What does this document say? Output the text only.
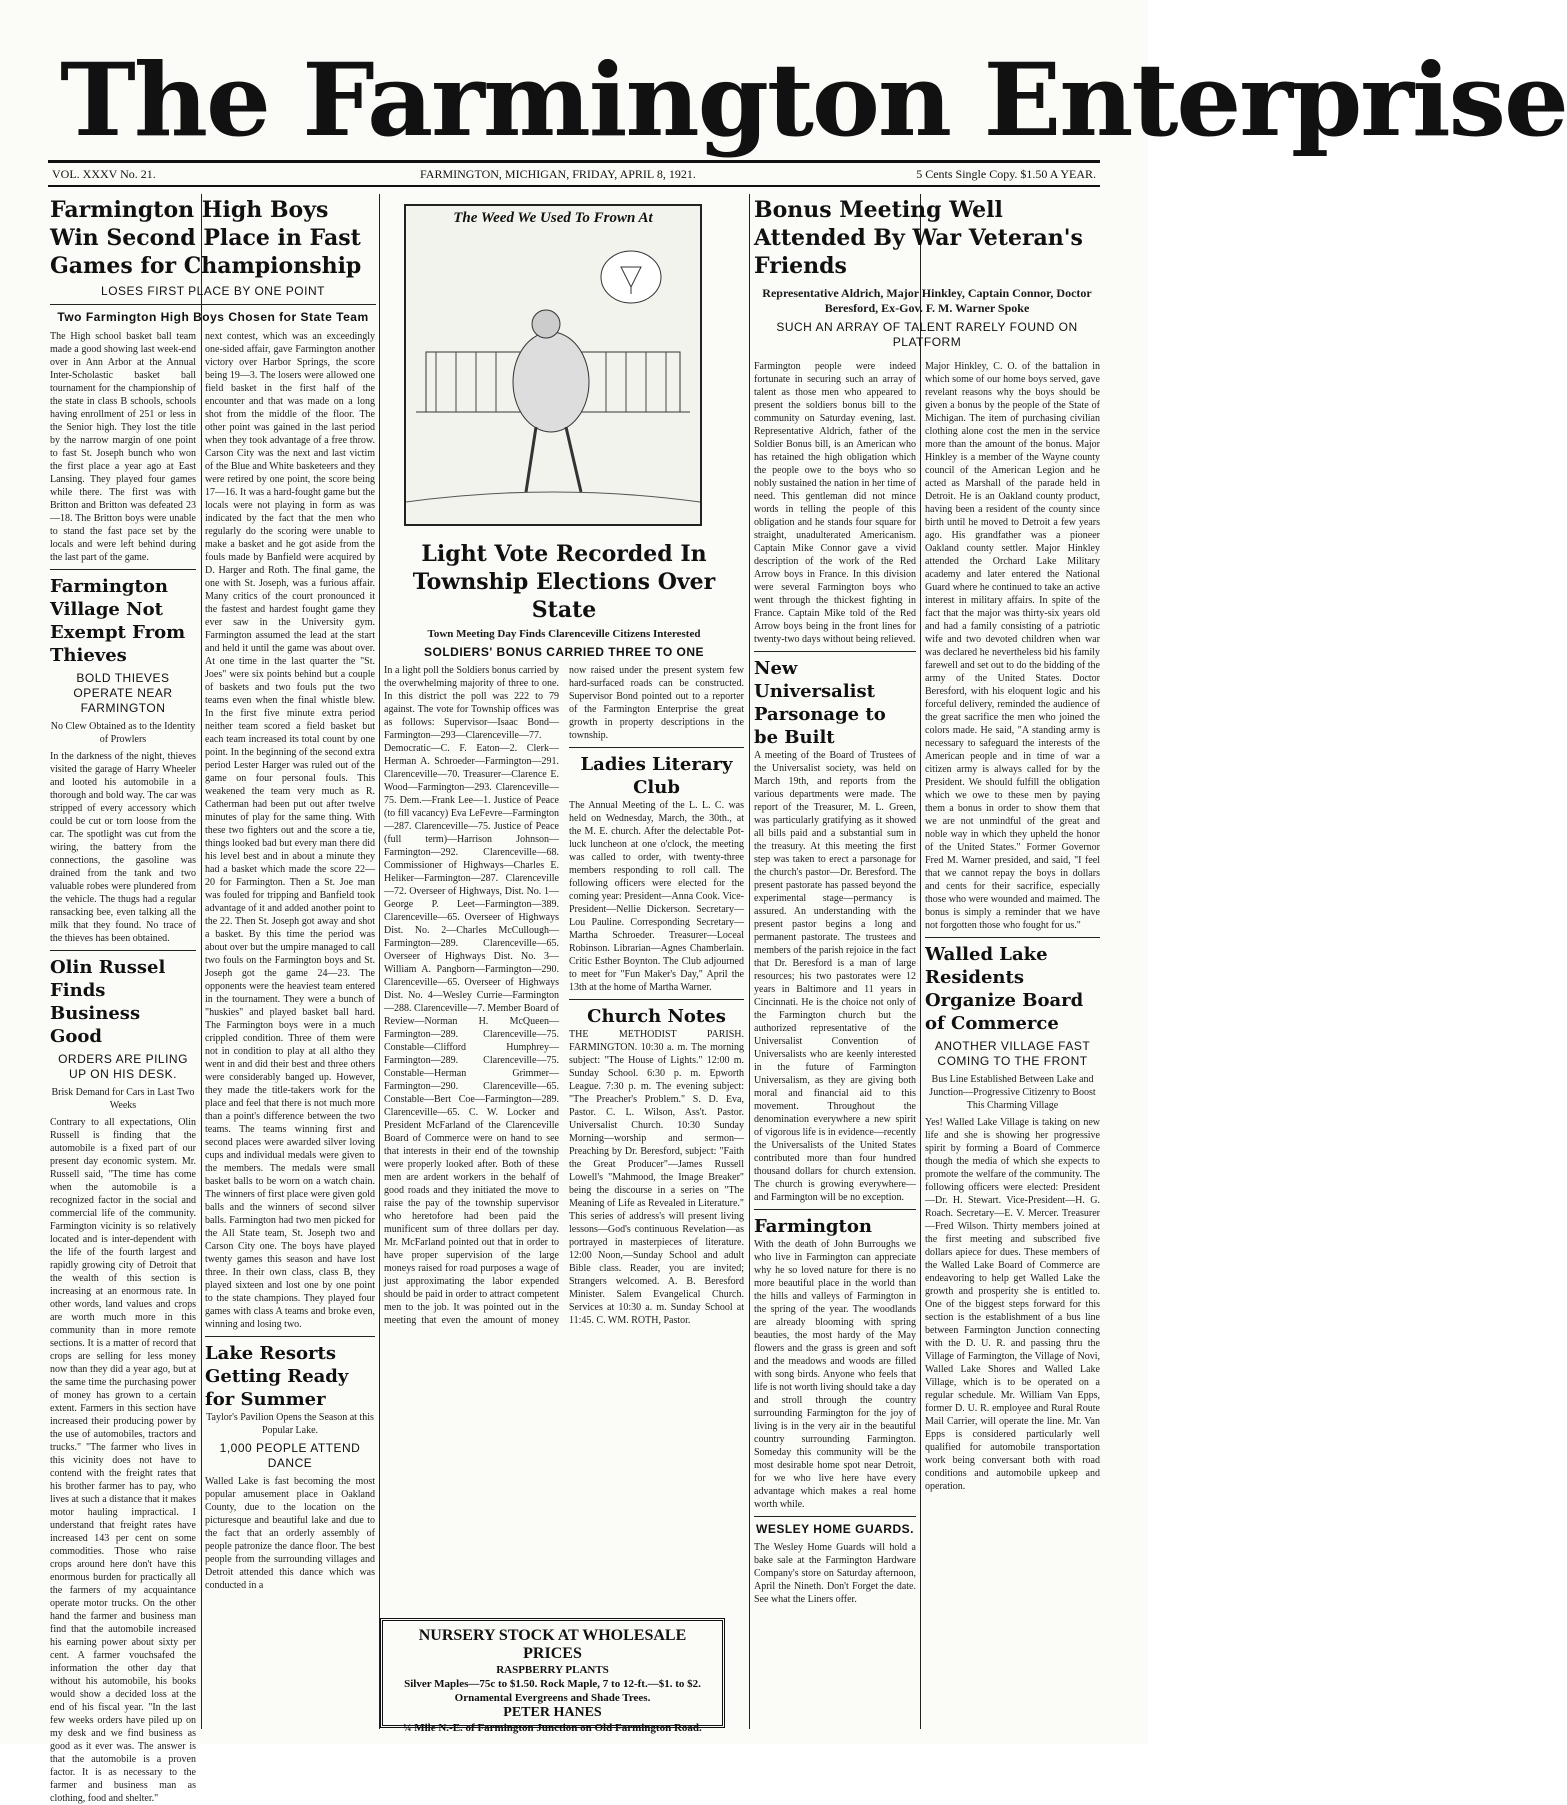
The Farmington Enterprise
VOL. XXXV No. 21.	FARMINGTON, MICHIGAN, FRIDAY, APRIL 8, 1921.	5 Cents Single Copy. $1.50 A YEAR.
Farmington High Boys Win Second Place in Fast Games for Championship
LOSES FIRST PLACE BY ONE POINT
Two Farmington High Boys Chosen for State Team
The High school basket ball team made a good showing last week-end over in Ann Arbor at the Annual Inter-Scholastic basket ball tournament for the championship of the state in class B schools, schools having enrollment of 251 or less in the Senior high. They lost the title by the narrow margin of one point to fast St. Joseph bunch who won the first place a year ago at East Lansing. They played four games while there. The first was with Britton and Britton was defeated 23—18. The Britton boys were unable to stand the fast pace set by the locals and were left behind during the last part of the game.
Farmington Village Not Exempt From Thieves
BOLD THIEVES OPERATE NEAR FARMINGTON
No Clew Obtained as to the Identity of Prowlers
In the darkness of the night, thieves visited the garage of Harry Wheeler and looted his automobile in a thorough and bold way. The car was stripped of every accessory which could be cut or torn loose from the car. The spotlight was cut from the wiring, the battery from the connections, the gasoline was drained from the tank and two valuable robes were plundered from the vehicle. The thugs had a regular ransacking bee, even talking all the milk that they found. No trace of the thieves has been obtained.
Olin Russel Finds Business Good
ORDERS ARE PILING UP ON HIS DESK.
Brisk Demand for Cars in Last Two Weeks
Contrary to all expectations, Olin Russell is finding that the automobile is a fixed part of our present day economic system. Mr. Russell said, "The time has come when the automobile is a recognized factor in the social and commercial life of the community. Farmington vicinity is so relatively located and is inter-dependent with the life of the fourth largest and rapidly growing city of Detroit that the wealth of this section is increasing at an enormous rate. In other words, land values and crops are worth much more in this community than in more remote sections. It is a matter of record that crops are selling for less money now than they did a year ago, but at the same time the purchasing power of money has grown to a certain extent. Farmers in this section have increased their producing power by the use of automobiles, tractors and trucks." "The farmer who lives in this vicinity does not have to contend with the freight rates that his brother farmer has to pay, who lives at such a distance that it makes motor hauling impractical. I understand that freight rates have increased 143 per cent on some commodities. Those who raise crops around here don't have this enormous burden for practically all the farmers of my acquaintance operate motor trucks. On the other hand the farmer and business man find that the automobile increased his earning power about sixty per cent. A farmer vouchsafed the information the other day that without his automobile, his books would show a decided loss at the end of his fiscal year. "In the last few weeks orders have piled up on my desk and we find business as good as it ever was. The answer is that the automobile is a proven factor. It is as necessary to the farmer and business man as clothing, food and shelter."
next contest, which was an exceedingly one-sided affair, gave Farmington another victory over Harbor Springs, the score being 19—3. The losers were allowed one field basket in the first half of the encounter and that was made on a long shot from the middle of the floor. The other point was gained in the last period when they took advantage of a free throw. Carson City was the next and last victim of the Blue and White basketeers and they were retired by one point, the score being 17—16. It was a hard-fought game but the locals were not playing in form as was indicated by the fact that the men who regularly do the scoring were unable to make a basket and he got aside from the fouls made by Banfield were acquired by D. Harger and Roth. The final game, the one with St. Joseph, was a furious affair. Many critics of the court pronounced it the fastest and hardest fought game they ever saw in the University gym. Farmington assumed the lead at the start and held it until the game was about over. At one time in the last quarter the "St. Joes" were six points behind but a couple of baskets and two fouls put the two teams even when the final whistle blew. In the first five minute extra period neither team scored a field basket but each team increased its total count by one point. In the beginning of the second extra period Lester Harger was ruled out of the game on four personal fouls. This weakened the team very much as R. Catherman had been put out after twelve minutes of play for the same thing. With these two fighters out and the score a tie, things looked bad but every man there did his level best and in about a minute they had a basket which made the score 22—20 for Farmington. Then a St. Joe man was fouled for tripping and Banfield took advantage of it and added another point to the 22. Then St. Joseph got away and shot a basket. By this time the period was about over but the umpire managed to call two fouls on the Farmington boys and St. Joseph got the game 24—23. The opponents were the heaviest team entered in the tournament. They were a bunch of "huskies" and played basket ball hard. The Farmington boys were in a much crippled condition. Three of them were not in condition to play at all altho they went in and did their best and three others were considerably banged up. However, they made the title-takers work for the place and feel that there is not much more than a point's difference between the two teams. The teams winning first and second places were awarded silver loving cups and individual medals were given to the members. The medals were small basket balls to be worn on a watch chain. The winners of first place were given gold balls and the winners of second silver balls. Farmington had two men picked for the All State team, St. Joseph two and Carson City one. The boys have played twenty games this season and have lost three. In their own class, class B, they played sixteen and lost one by one point to the state champions. They played four games with class A teams and broke even, winning and losing two.
Lake Resorts Getting Ready for Summer
Taylor's Pavilion Opens the Season at this Popular Lake.
1,000 PEOPLE ATTEND DANCE
Walled Lake is fast becoming the most popular amusement place in Oakland County, due to the location on the picturesque and beautiful lake and due to the fact that an orderly assembly of people patronize the dance floor. The best people from the surrounding villages and Detroit attended this dance which was conducted in a
The Weed We Used To Frown At
Light Vote Recorded In Township Elections Over State
Town Meeting Day Finds Clarenceville Citizens Interested
SOLDIERS' BONUS CARRIED THREE TO ONE
In a light poll the Soldiers bonus carried by the overwhelming majority of three to one. In this district the poll was 222 to 79 against. The vote for Township offices was as follows: Supervisor—Isaac Bond—Farmington—293—Clarenceville—77. Democratic—C. F. Eaton—2. Clerk—Herman A. Schroeder—Farmington—291. Clarenceville—70. Treasurer—Clarence E. Wood—Farmington—293. Clarenceville—75. Dem.—Frank Lee—1. Justice of Peace (to fill vacancy) Eva LeFevre—Farmington—287. Clarenceville—75. Justice of Peace (full term)—Harrison Johnson—Farmington—292. Clarenceville—68. Commissioner of Highways—Charles E. Heliker—Farmington—287. Clarenceville—72. Overseer of Highways, Dist. No. 1—George P. Leet—Farmington—389. Clarenceville—65. Overseer of Highways Dist. No. 2—Charles McCullough—Farmington—289. Clarenceville—65. Overseer of Highways Dist. No. 3—William A. Pangborn—Farmington—290. Clarenceville—65. Overseer of Highways Dist. No. 4—Wesley Currie—Farmington—288. Clarenceville—7. Member Board of Review—Norman H. McQueen—Farmington—289. Clarenceville—75. Constable—Clifford Humphrey—Farmington—289. Clarenceville—75. Constable—Herman Grimmer—Farmington—290. Clarenceville—65. Constable—Bert Coe—Farmington—289. Clarenceville—65. C. W. Locker and President McFarland of the Clarenceville Board of Commerce were on hand to see that interests in their end of the township were properly looked after. Both of these men are ardent workers in the behalf of good roads and they initiated the move to raise the pay of the township supervisor who heretofore had been paid the munificent sum of three dollars per day. Mr. McFarland pointed out that in order to have proper supervision of the large moneys raised for road purposes a wage of just approximating the labor expended should be paid in order to attract competent men to the job. It was pointed out in the meeting that even the amount of money now raised under the present system few hard-surfaced roads can be constructed. Supervisor Bond pointed out to a reporter of the Farmington Enterprise the great growth in property descriptions in the township.
Ladies Literary Club
The Annual Meeting of the L. L. C. was held on Wednesday, March, the 30th., at the M. E. church. After the delectable Pot-luck luncheon at one o'clock, the meeting was called to order, with twenty-three members responding to roll call. The following officers were elected for the coming year: President—Anna Cook. Vice-President—Nellie Dickerson. Secretary—Lou Pauline. Corresponding Secretary—Martha Schroeder. Treasurer—Loceal Robinson. Librarian—Agnes Chamberlain. Critic Esther Boynton. The Club adjourned to meet for "Fun Maker's Day," April the 13th at the home of Martha Warner.
Church Notes
THE METHODIST PARISH. FARMINGTON. 10:30 a. m. The morning subject: "The House of Lights." 12:00 m. Sunday School. 6:30 p. m. Epworth League. 7:30 p. m. The evening subject: "The Preacher's Problem." S. D. Eva, Pastor. C. L. Wilson, Ass't. Pastor. Universalist Church. 10:30 Sunday Morning—worship and sermon—Preaching by Dr. Beresford, subject: "Faith the Great Producer"—James Russell Lowell's "Mahmood, the Image Breaker" being the discourse in a series on "The Meaning of Life as Revealed in Literature." This series of address's will present living lessons—God's continuous Revelation—as portrayed in masterpieces of literature. 12:00 Noon,—Sunday School and adult Bible class. Reader, you are invited; Strangers welcomed. A. B. Beresford Minister. Salem Evangelical Church. Services at 10:30 a. m. Sunday School at 11:45. C. WM. ROTH, Pastor.
Bonus Meeting Well Attended By War Veteran's Friends
Representative Aldrich, Major Hinkley, Captain Connor, Doctor Beresford, Ex-Gov. F. M. Warner Spoke
SUCH AN ARRAY OF TALENT RARELY FOUND ON PLATFORM
Farmington people were indeed fortunate in securing such an array of talent as those men who appeared to present the soldiers bonus bill to the community on Saturday evening, last. Representative Aldrich, father of the Soldier Bonus bill, is an American who has retained the high obligation which the people owe to the boys who so nobly sustained the nation in her time of need. This gentleman did not mince words in telling the people of this obligation and he stands four square for straight, unadulterated Americanism. Captain Mike Connor gave a vivid description of the work of the Red Arrow boys in France. In this division were several Farmington boys who went through the thickest fighting in France. Captain Mike told of the Red Arrow boys being in the front lines for twenty-two days without being relieved.
New Universalist Parsonage to be Built
A meeting of the Board of Trustees of the Universalist society, was held on March 19th, and reports from the various departments were made. The report of the Treasurer, M. L. Green, was particularly gratifying as it showed all bills paid and a substantial sum in the treasury. At this meeting the first step was taken to erect a parsonage for the church's pastor—Dr. Beresford. The present pastorate has passed beyond the experimental stage—permancy is assured. An understanding with the present pastor begins a long and permanent pastorate. The trustees and members of the parish rejoice in the fact that Dr. Beresford is a man of large resources; his two pastorates were 12 years in Baltimore and 11 years in Cincinnati. He is the choice not only of the Farmington church but the authorized representative of the Universalist Convention of Universalists who are keenly interested in the future of Farmington Universalism, as they are giving both moral and financial aid to this movement. Throughout the denomination everywhere a new spirit of vigorous life is in evidence—recently the Universalists of the United States contributed more than four hundred thousand dollars for church extension. The church is growing everywhere—and Farmington will be no exception.
Farmington
With the death of John Burroughs we who live in Farmington can appreciate why he so loved nature for there is no more beautiful place in the world than the hills and valleys of Farmington in the spring of the year. The woodlands are already blooming with spring beauties, the most hardy of the May flowers and the grass is green and soft and the meadows and woods are filled with song birds. Anyone who feels that life is not worth living should take a day and stroll through the country surrounding Farmington for the joy of living is in the very air in the beautiful country surrounding Farmington. Someday this community will be the most desirable home spot near Detroit, for we who live here have every advantage which makes a real home worth while.
WESLEY HOME GUARDS.
The Wesley Home Guards will hold a bake sale at the Farmington Hardware Company's store on Saturday afternoon, April the Nineth. Don't Forget the date. See what the Liners offer.
Major Hinkley, C. O. of the battalion in which some of our home boys served, gave revelant reasons why the boys should be given a bonus by the people of the State of Michigan. The item of purchasing civilian clothing alone cost the men in the service more than the amount of the bonus. Major Hinkley is a member of the Wayne county council of the American Legion and he acted as Marshall of the parade held in Detroit. He is an Oakland county product, having been a resident of the county since birth until he moved to Detroit a few years ago. His grandfather was a pioneer Oakland county settler. Major Hinkley attended the Orchard Lake Military academy and later entered the National Guard where he continued to take an active interest in military affairs. In spite of the fact that the major was thirty-six years old and had a family consisting of a patriotic wife and two devoted children when war was declared he nevertheless bid his family farewell and set out to do the bidding of the army of the United States. Doctor Beresford, with his eloquent logic and his forceful delivery, reminded the audience of the great sacrifice the men who joined the colors made. He said, "A standing army is necessary to safeguard the interests of the American people and in time of war a citizen army is always called for by the President. We should fulfill the obligation which we owe to these men by paying them a bonus in order to show them that we are not unmindful of the great and noble way in which they upheld the honor of the United States." Former Governor Fred M. Warner presided, and said, "I feel that we cannot repay the boys in dollars and cents for their sacrifice, especially those who were wounded and maimed. The bonus is simply a reminder that we have not forgotten those who fought for us."
Walled Lake Residents Organize Board of Commerce
ANOTHER VILLAGE FAST COMING TO THE FRONT
Bus Line Established Between Lake and Junction—Progressive Citizenry to Boost This Charming Village
Yes! Walled Lake Village is taking on new life and she is showing her progressive spirit by forming a Board of Commerce though the media of which she expects to promote the welfare of the community. The following officers were elected: President—Dr. H. Stewart. Vice-President—H. G. Roach. Secretary—E. V. Mercer. Treasurer—Fred Wilson. Thirty members joined at the first meeting and subscribed five dollars apiece for dues. These members of the Walled Lake Board of Commerce are endeavoring to help get Walled Lake the growth and prosperity she is entitled to. One of the biggest steps forward for this section is the establishment of a bus line between Farmington Junction connecting with the D. U. R. and passing thru the Village of Farmington, the Village of Novi, Walled Lake Shores and Walled Lake Village, which is to be operated on a regular schedule. Mr. William Van Epps, former D. U. R. employee and Rural Route Mail Carrier, will operate the line. Mr. Van Epps is considered particularly well qualified for automobile transportation work being conversant both with road conditions and automobile upkeep and operation.
NURSERY STOCK AT WHOLESALE PRICES
RASPBERRY PLANTS
Silver Maples—75c to $1.50. Rock Maple, 7 to 12-ft.—$1. to $2. Ornamental Evergreens and Shade Trees.
PETER HANES
¼ Mile N.-E. of Farmington Junction on Old Farmington Road.
